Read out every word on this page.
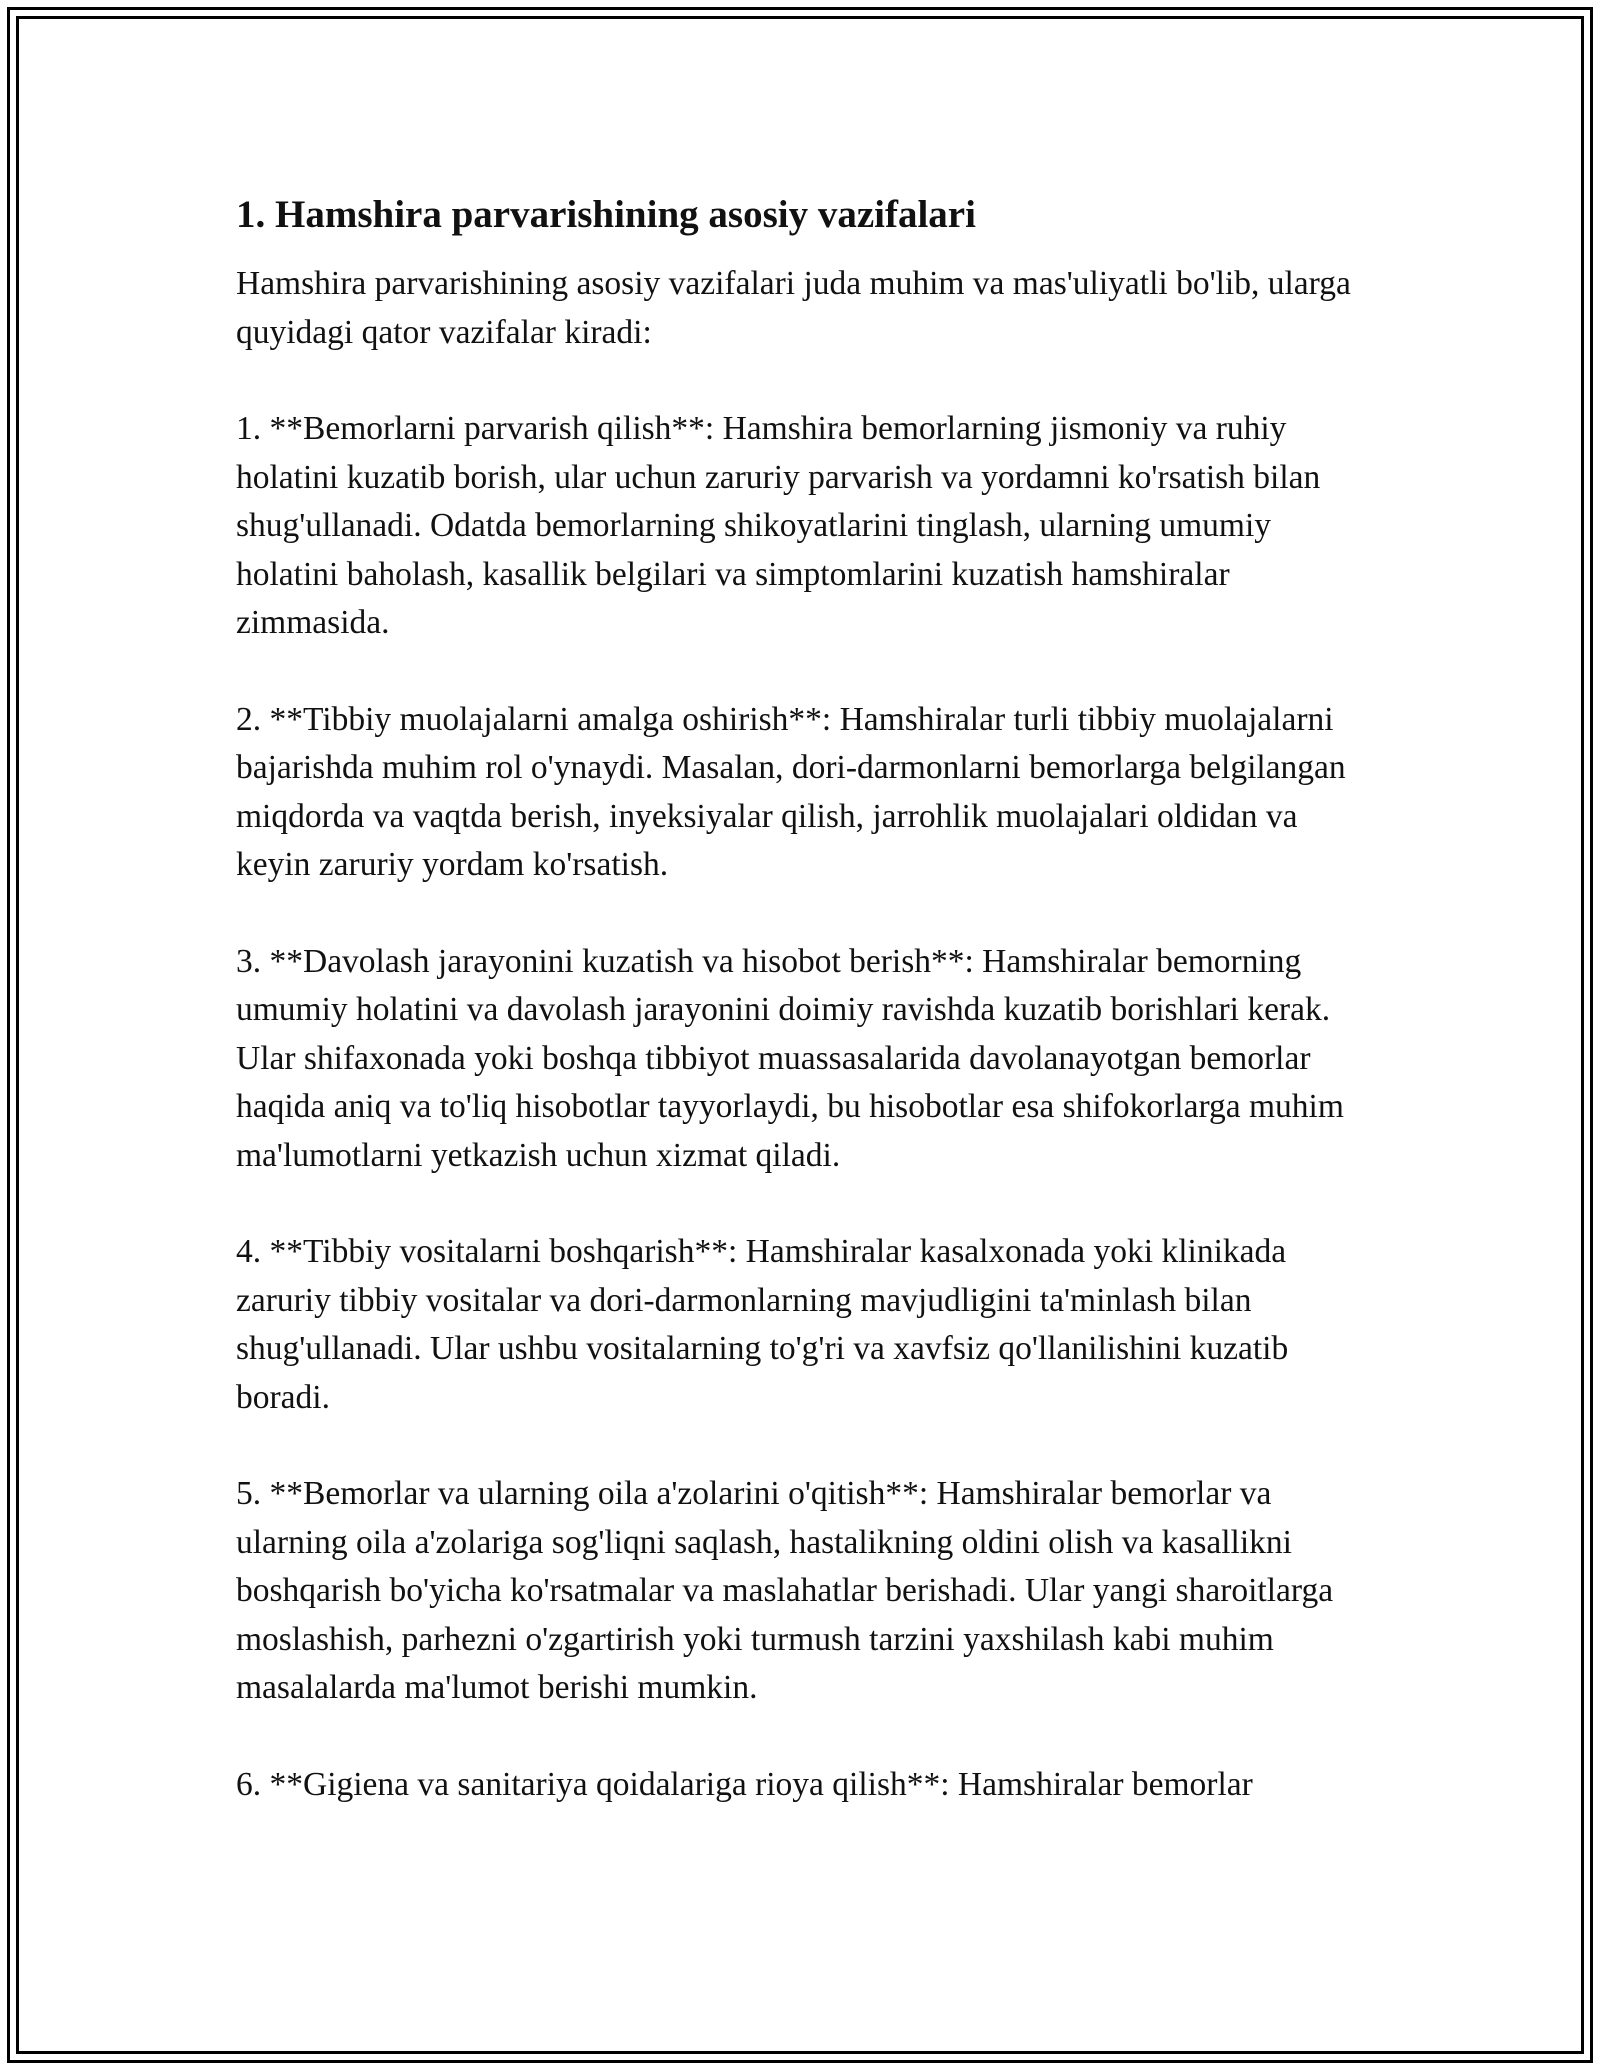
1. Hamshira parvarishining asosiy vazifalari

Hamshira parvarishining asosiy vazifalari juda muhim va mas'uliyatli bo'lib, ularga quyidagi qator vazifalar kiradi:

1. **Bemorlarni parvarish qilish**: Hamshira bemorlarning jismoniy va ruhiy holatini kuzatib borish, ular uchun zaruriy parvarish va yordamni ko'rsatish bilan shug'ullanadi. Odatda bemorlarning shikoyatlarini tinglash, ularning umumiy holatini baholash, kasallik belgilari va simptomlarini kuzatish hamshiralar zimmasida.

2. **Tibbiy muolajalarni amalga oshirish**: Hamshiralar turli tibbiy muolajalarni bajarishda muhim rol o'ynaydi. Masalan, dori-darmonlarni bemorlarga belgilangan miqdorda va vaqtda berish, inyeksiyalar qilish, jarrohlik muolajalari oldidan va keyin zaruriy yordam ko'rsatish.

3. **Davolash jarayonini kuzatish va hisobot berish**: Hamshiralar bemorning umumiy holatini va davolash jarayonini doimiy ravishda kuzatib borishlari kerak. Ular shifaxonada yoki boshqa tibbiyot muassasalarida davolanayotgan bemorlar haqida aniq va to'liq hisobotlar tayyorlaydi, bu hisobotlar esa shifokorlarga muhim ma'lumotlarni yetkazish uchun xizmat qiladi.

4. **Tibbiy vositalarni boshqarish**: Hamshiralar kasalxonada yoki klinikada zaruriy tibbiy vositalar va dori-darmonlarning mavjudligini ta'minlash bilan shug'ullanadi. Ular ushbu vositalarning to'g'ri va xavfsiz qo'llanilishini kuzatib boradi.

5. **Bemorlar va ularning oila a'zolarini o'qitish**: Hamshiralar bemorlar va ularning oila a'zolariga sog'liqni saqlash, hastalikning oldini olish va kasallikni boshqarish bo'yicha ko'rsatmalar va maslahatlar berishadi. Ular yangi sharoitlarga moslashish, parhezni o'zgartirish yoki turmush tarzini yaxshilash kabi muhim masalalarda ma'lumot berishi mumkin.

6. **Gigiena va sanitariya qoidalariga rioya qilish**: Hamshiralar bemorlar
